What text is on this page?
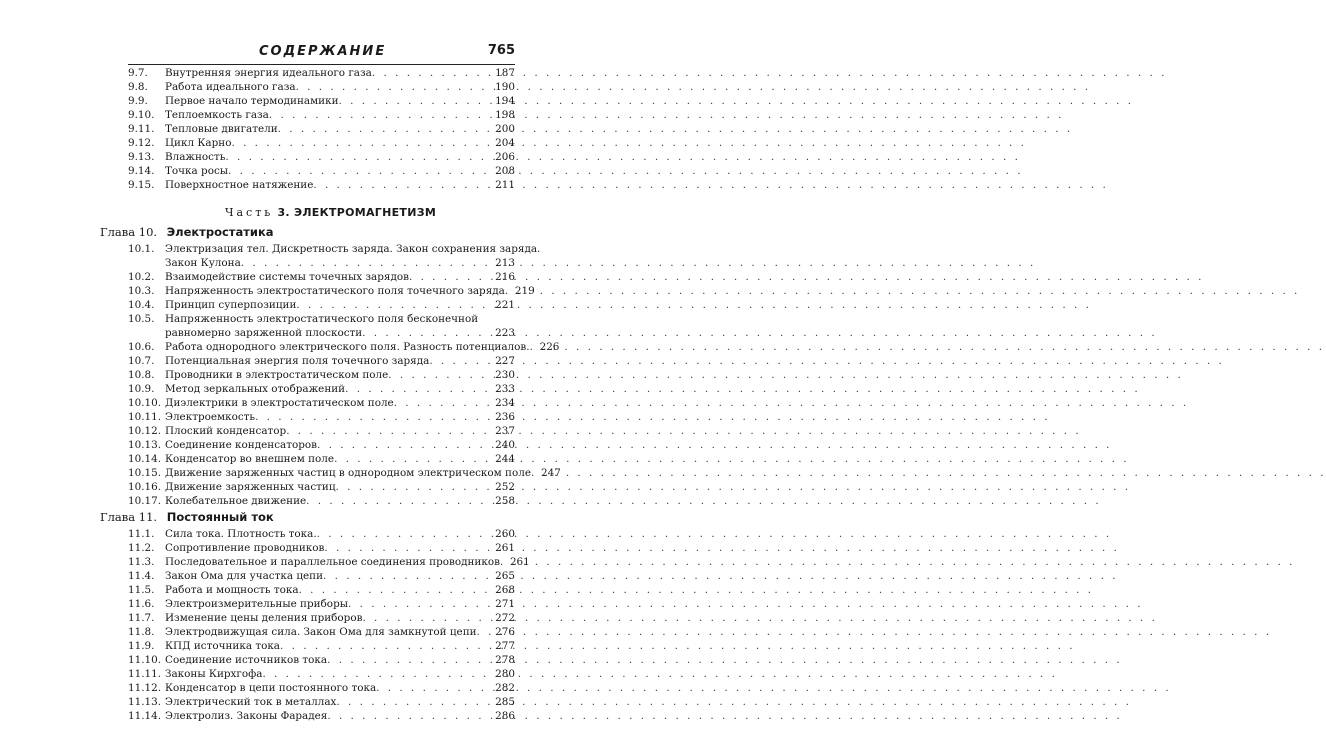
СОДЕРЖАНИЕ	765
9.7.	Внутренняя энергия идеального газа . . .	187
9.8.	Работа идеального газа . . .	190
9.9.	Первое начало термодинамики . . .	194
9.10.	Теплоемкость газа . . .	198
9.11.	Тепловые двигатели . . .	200
9.12.	Цикл Карно . . .	204
9.13.	Влажность . . .	206
9.14.	Точка росы . . .	208
9.15.	Поверхностное натяжение . . .	211
Часть 3. ЭЛЕКТРОМАГНЕТИЗМ
Глава 10. Электростатика
10.1. Электризация тел. Дискретность заряда. Закон сохранения заряда.
Закон Кулона . . .	213
10.2.	Взаимодействие системы точечных зарядов . . .	216
10.3.	Напряженность электростатического поля точечного заряда . . . 219
10.4.	Принцип суперпозиции . . .	221
10.5. Напряженность электростатического поля бесконечной
равномерно заряженной плоскости . . .	223
10.6.	Работа однородного электрического поля. Разность потенциалов. . . . 226
10.7.	Потенциальная энергия поля точечного заряда . . .	227
10.8.	Проводники в электростатическом поле . . .	230
10.9.	Метод зеркальных отображений . . .	233
10.10. Диэлектрики в электростатическом поле . . .	234
10.11. Электроемкость . . .	236
10.12. Плоский конденсатор . . .	237
10.13. Соединение конденсаторов . . .	240
10.14. Конденсатор во внешнем поле . . .	244
10.15. Движение заряженных частиц в однородном электрическом поле . . . 247
10.16. Движение заряженных частиц . . .	252
10.17. Колебательное движение . . .	258
Глава 11. Постоянный ток
11.1.	Сила тока. Плотность тока. . . .	260
11.2.	Сопротивление проводников . . .	261
11.3.	Последовательное и параллельное соединения проводников . . . 261
11.4.	Закон Ома для участка цепи . . .	265
11.5.	Работа и мощность тока . . .	268
11.6.	Электроизмерительные приборы . . .	271
11.7.	Изменение цены деления приборов . . .	272
11.8.	Электродвижущая сила. Закон Ома для замкнутой цепи . . . 276
11.9.	КПД источника тока . . .	277
11.10. Соединение источников тока . . .	278
11.11. Законы Кирхгофа . . .	280
11.12. Конденсатор в цепи постоянного тока . . .	282
11.13. Электрический ток в металлах . . .	285
11.14. Электролиз. Законы Фарадея . . .	286
